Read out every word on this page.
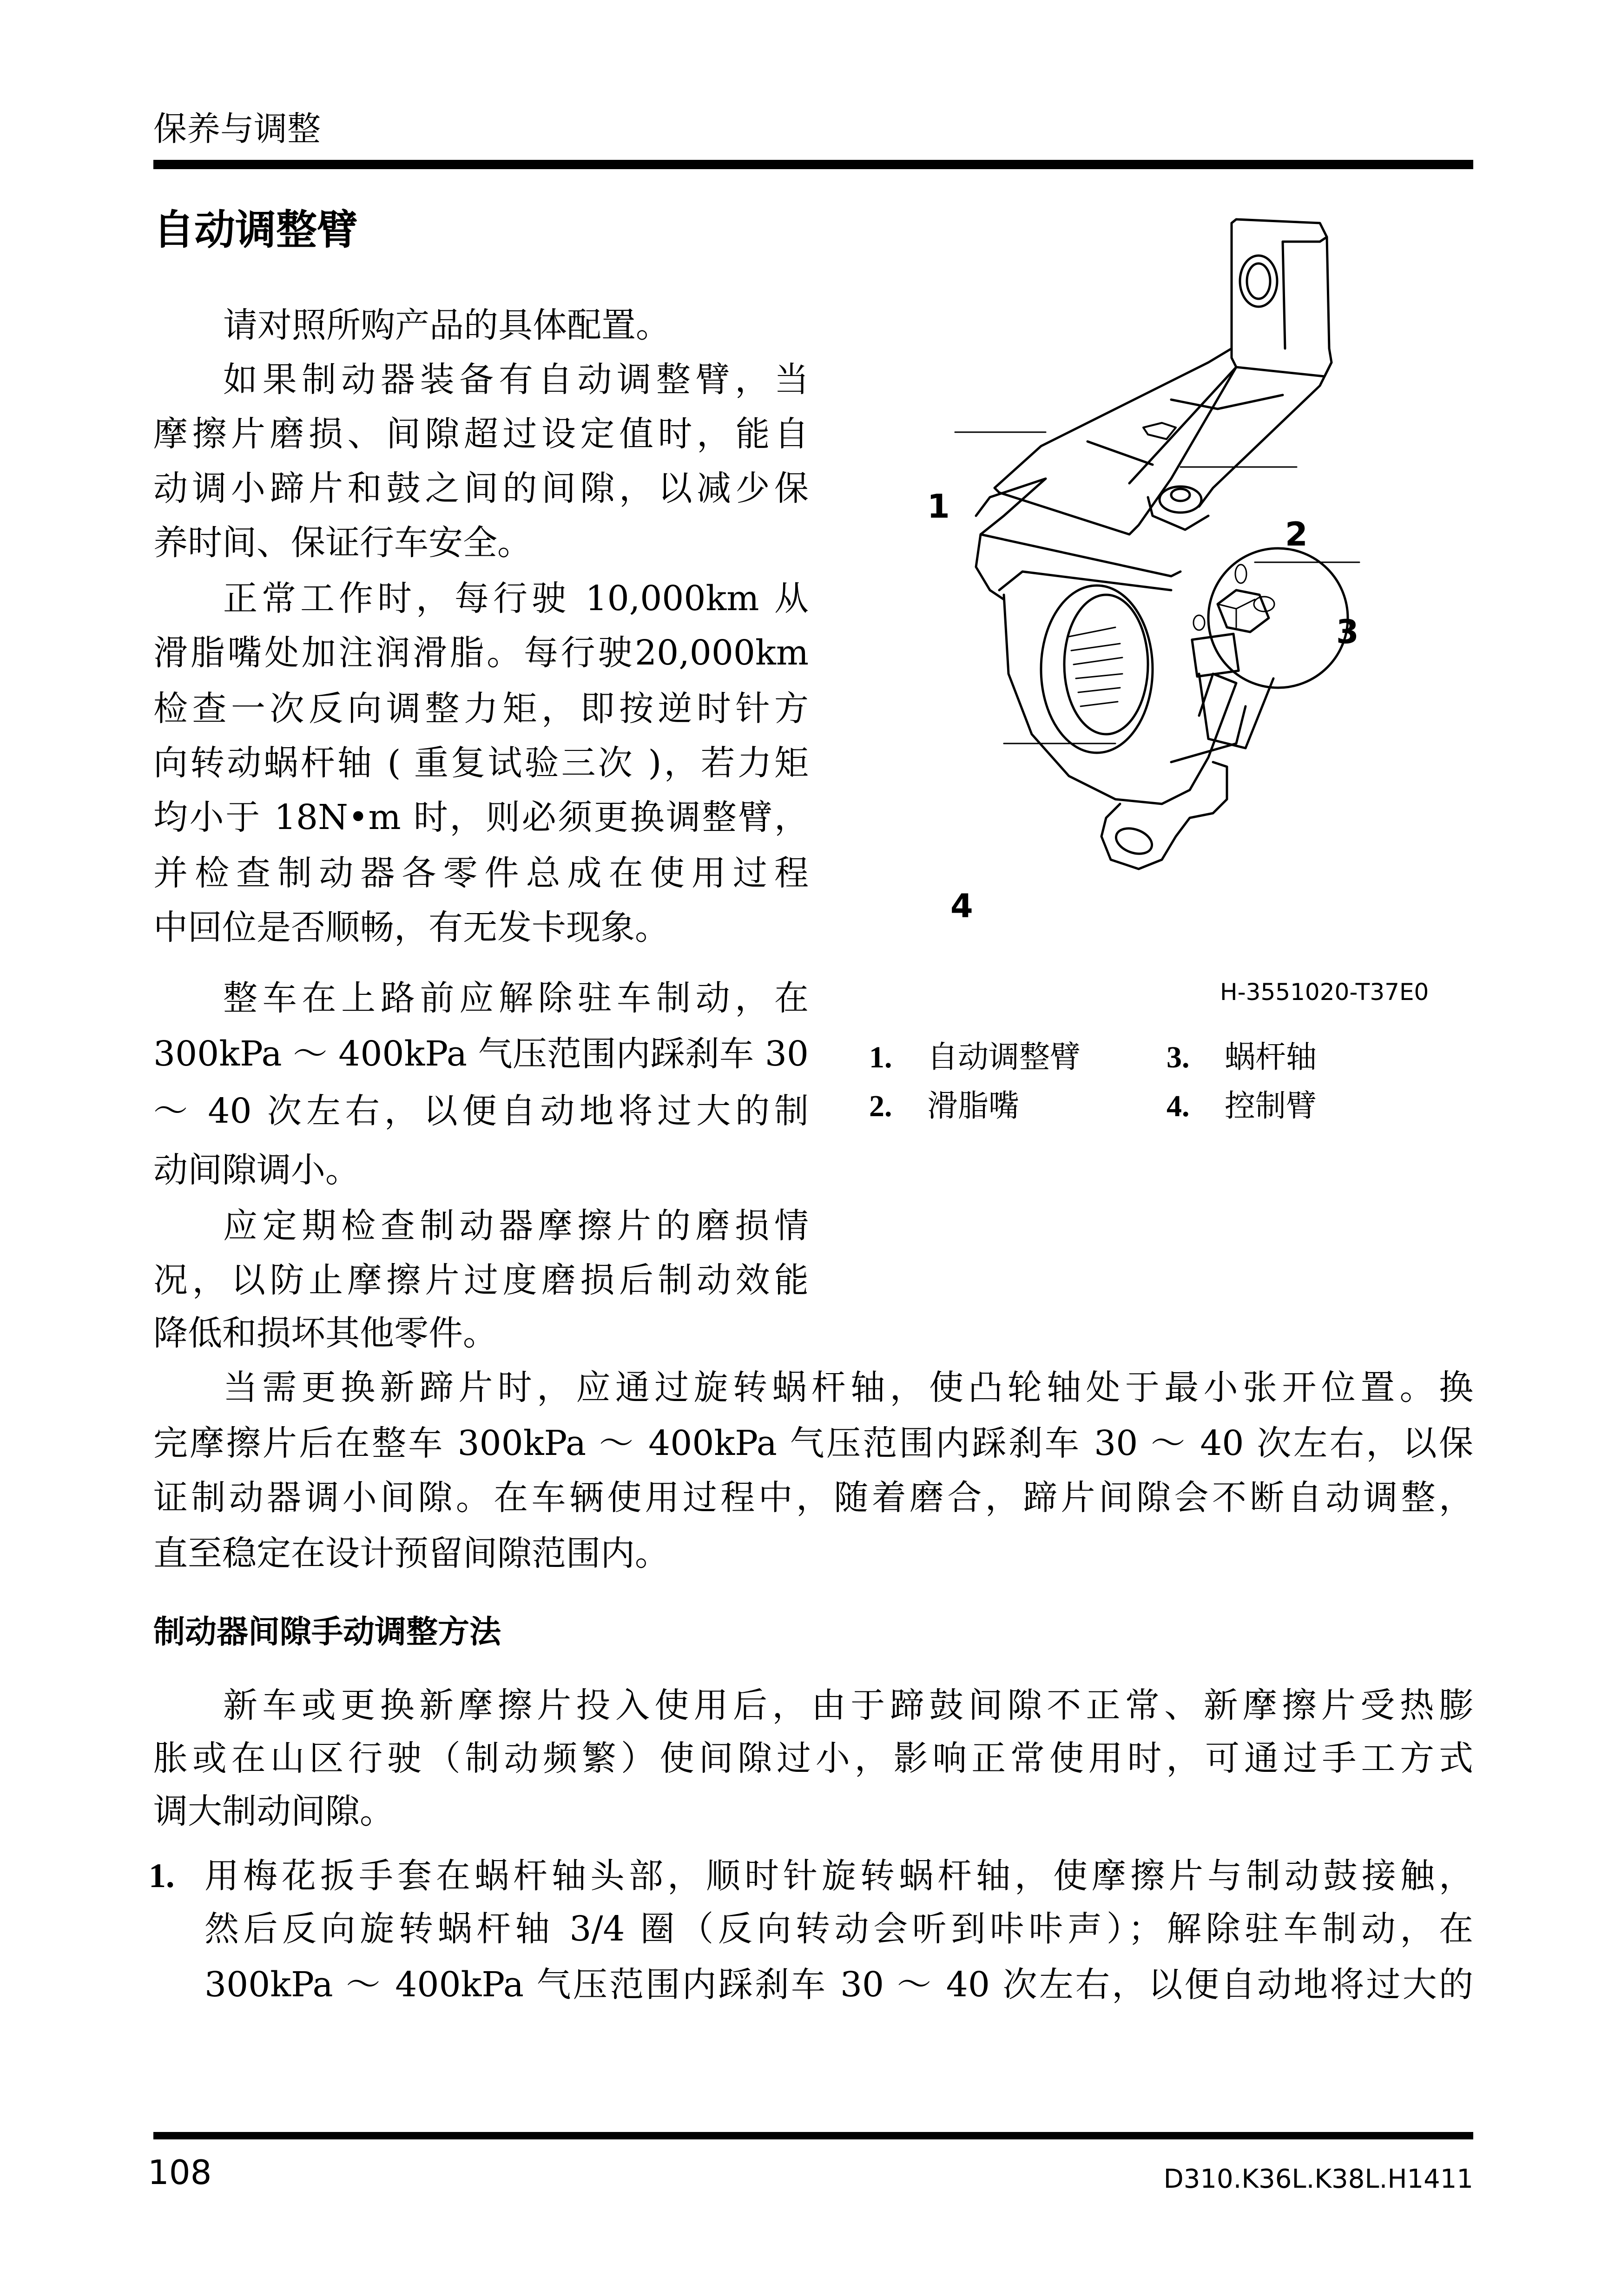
保养与调整
自动调整臂
请对照所购产品的具体配置。
如果制动器装备有自动调整臂，当
摩擦片磨损、间隙超过设定值时，能自
动调小蹄片和鼓之间的间隙，以减少保
养时间、保证行车安全。
正常工作时，每行驶 10,000km 从
滑脂嘴处加注润滑脂。每行驶20,000km
检查一次反向调整力矩，即按逆时针方
向转动蜗杆轴 ( 重复试验三次 )，若力矩
均小于 18N•m 时，则必须更换调整臂，
并检查制动器各零件总成在使用过程
中回位是否顺畅，有无发卡现象。
整车在上路前应解除驻车制动，在
300kPa ～ 400kPa 气压范围内踩刹车 30
～ 40 次左右，以便自动地将过大的制
动间隙调小。
应定期检查制动器摩擦片的磨损情
况，以防止摩擦片过度磨损后制动效能
降低和损坏其他零件。
当需更换新蹄片时，应通过旋转蜗杆轴，使凸轮轴处于最小张开位置。换
完摩擦片后在整车 300kPa ～ 400kPa 气压范围内踩刹车 30 ～ 40 次左右，以保
证制动器调小间隙。在车辆使用过程中，随着磨合，蹄片间隙会不断自动调整，
直至稳定在设计预留间隙范围内。
制动器间隙手动调整方法
新车或更换新摩擦片投入使用后，由于蹄鼓间隙不正常、新摩擦片受热膨
胀或在山区行驶（制动频繁）使间隙过小，影响正常使用时，可通过手工方式
调大制动间隙。
1. 用梅花扳手套在蜗杆轴头部，顺时针旋转蜗杆轴，使摩擦片与制动鼓接触，
然后反向旋转蜗杆轴 3/4 圈（反向转动会听到咔咔声）；解除驻车制动，在
300kPa ～ 400kPa 气压范围内踩刹车 30 ～ 40 次左右，以便自动地将过大的
1
2
3
4
H-3551020-T37E0
1. 自动调整臂
2. 滑脂嘴
3. 蜗杆轴
4. 控制臂
108	D310.K36L.K38L.H1411
